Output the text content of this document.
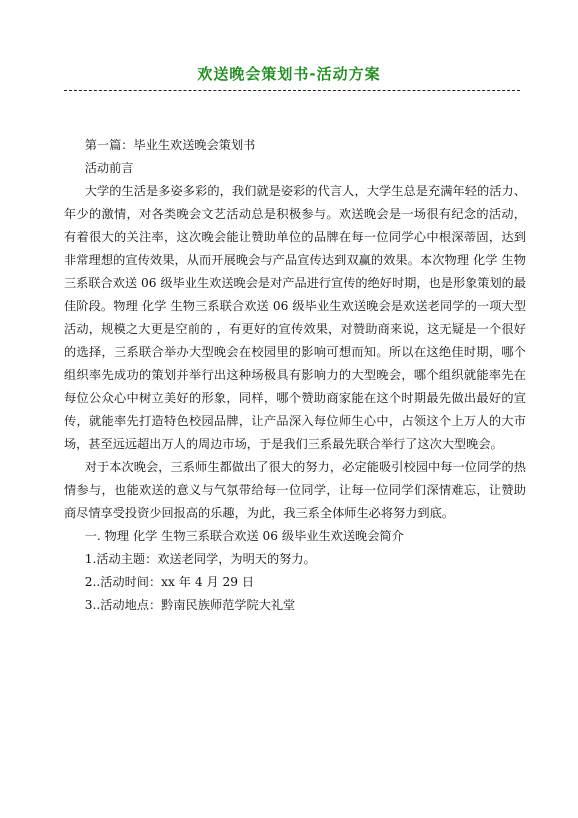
欢送晚会策划书-活动方案

第一篇：毕业生欢送晚会策划书

活动前言

大学的生活是多姿多彩的，我们就是姿彩的代言人，大学生总是充满年轻的活力、年少的激情，对各类晚会文艺活动总是积极参与。欢送晚会是一场很有纪念的活动，有着很大的关注率，这次晚会能让赞助单位的品牌在每一位同学心中根深蒂固，达到非常理想的宣传效果，从而开展晚会与产品宣传达到双赢的效果。本次物理 化学 生物三系联合欢送 06 级毕业生欢送晚会是对产品进行宣传的绝好时期，也是形象策划的最佳阶段。物理 化学 生物三系联合欢送 06 级毕业生欢送晚会是欢送老同学的一项大型活动，规模之大更是空前的 ，有更好的宣传效果，对赞助商来说，这无疑是一个很好的选择，三系联合举办大型晚会在校园里的影响可想而知。所以在这绝佳时期，哪个组织率先成功的策划并举行出这种场极具有影响力的大型晚会，哪个组织就能率先在每位公众心中树立美好的形象，同样，哪个赞助商家能在这个时期最先做出最好的宣传，就能率先打造特色校园品牌，让产品深入每位师生心中，占领这个上万人的大市场，甚至远远超出万人的周边市场，于是我们三系最先联合举行了这次大型晚会。

对于本次晚会，三系师生都做出了很大的努力，必定能吸引校园中每一位同学的热情参与，也能欢送的意义与气氛带给每一位同学，让每一位同学们深情难忘，让赞助商尽情享受投资少回报高的乐趣，为此，我三系全体师生必将努力到底。

一. 物理 化学 生物三系联合欢送 06 级毕业生欢送晚会简介

1.活动主题：欢送老同学，为明天的努力。

2..活动时间：xx 年 4 月 29 日

3..活动地点：黔南民族师范学院大礼堂
